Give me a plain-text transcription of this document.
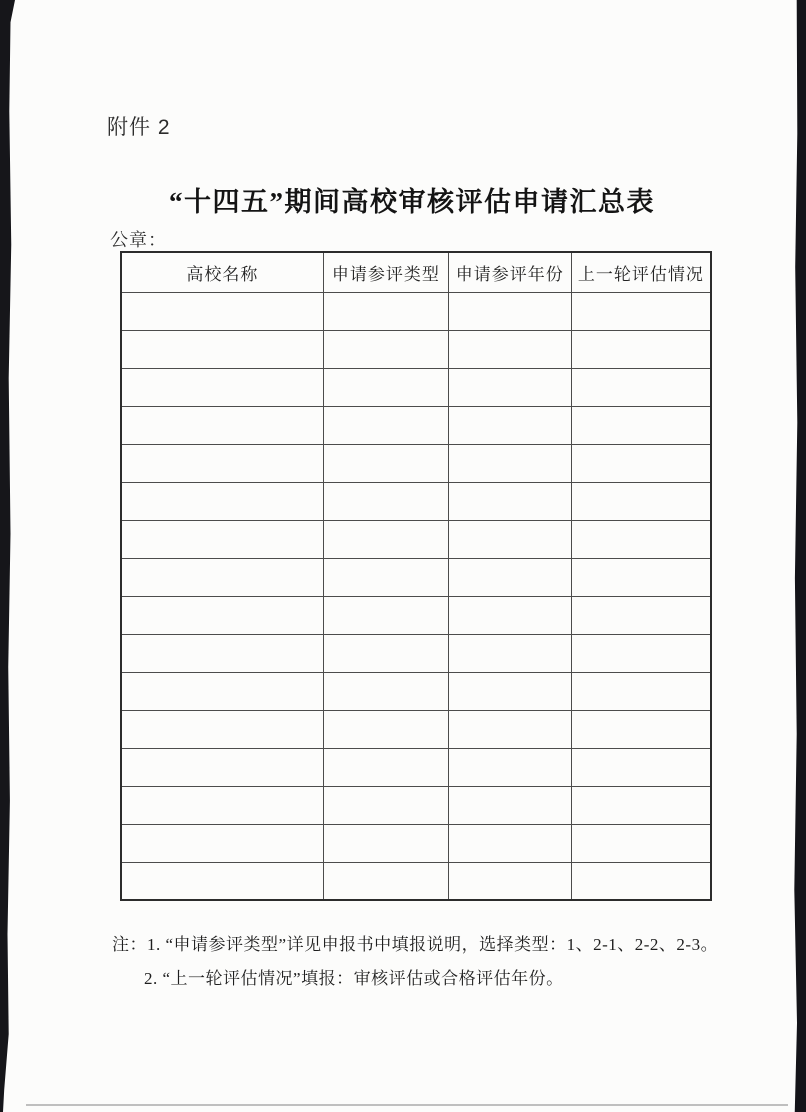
附件 2
“十四五”期间高校审核评估申请汇总表
公章：
高校名称	申请参评类型	申请参评年份	上一轮评估情况

注：1. “申请参评类型”详见申报书中填报说明，选择类型：1、2-1、2-2、2-3。
2. “上一轮评估情况”填报：审核评估或合格评估年份。
